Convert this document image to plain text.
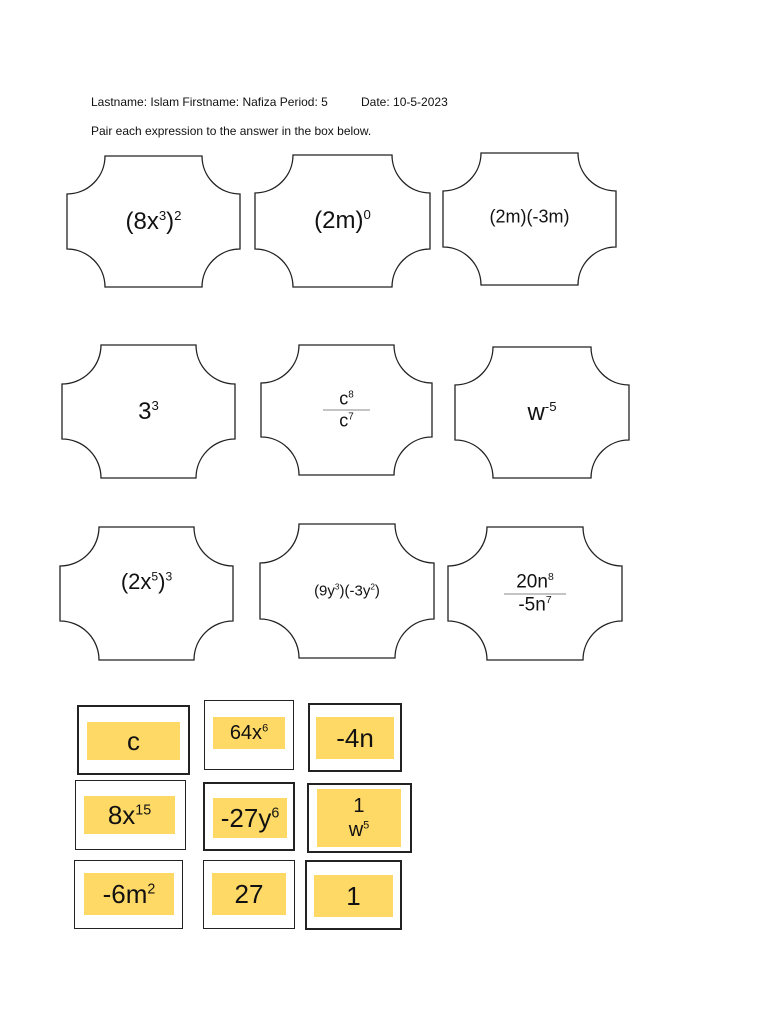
Lastname: Islam Firstname: Nafiza Period: 5	Date: 10-5-2023
Pair each expression to the answer in the box below.
$(8x^3)^2$	$(2m)^0$	(2m)(-3m)
$3^3$	$\frac{c^8}{c^7}$	$w^{-5}$
$(2x^5)^3$
$(9y^3)(-3y^2)$	$\frac{20n^8}{-5n^7}$
c	$64x^6$	-4n
$8x^{15}$	$-27y^6$	1
$w^5$
$-6m^2$	27	1
